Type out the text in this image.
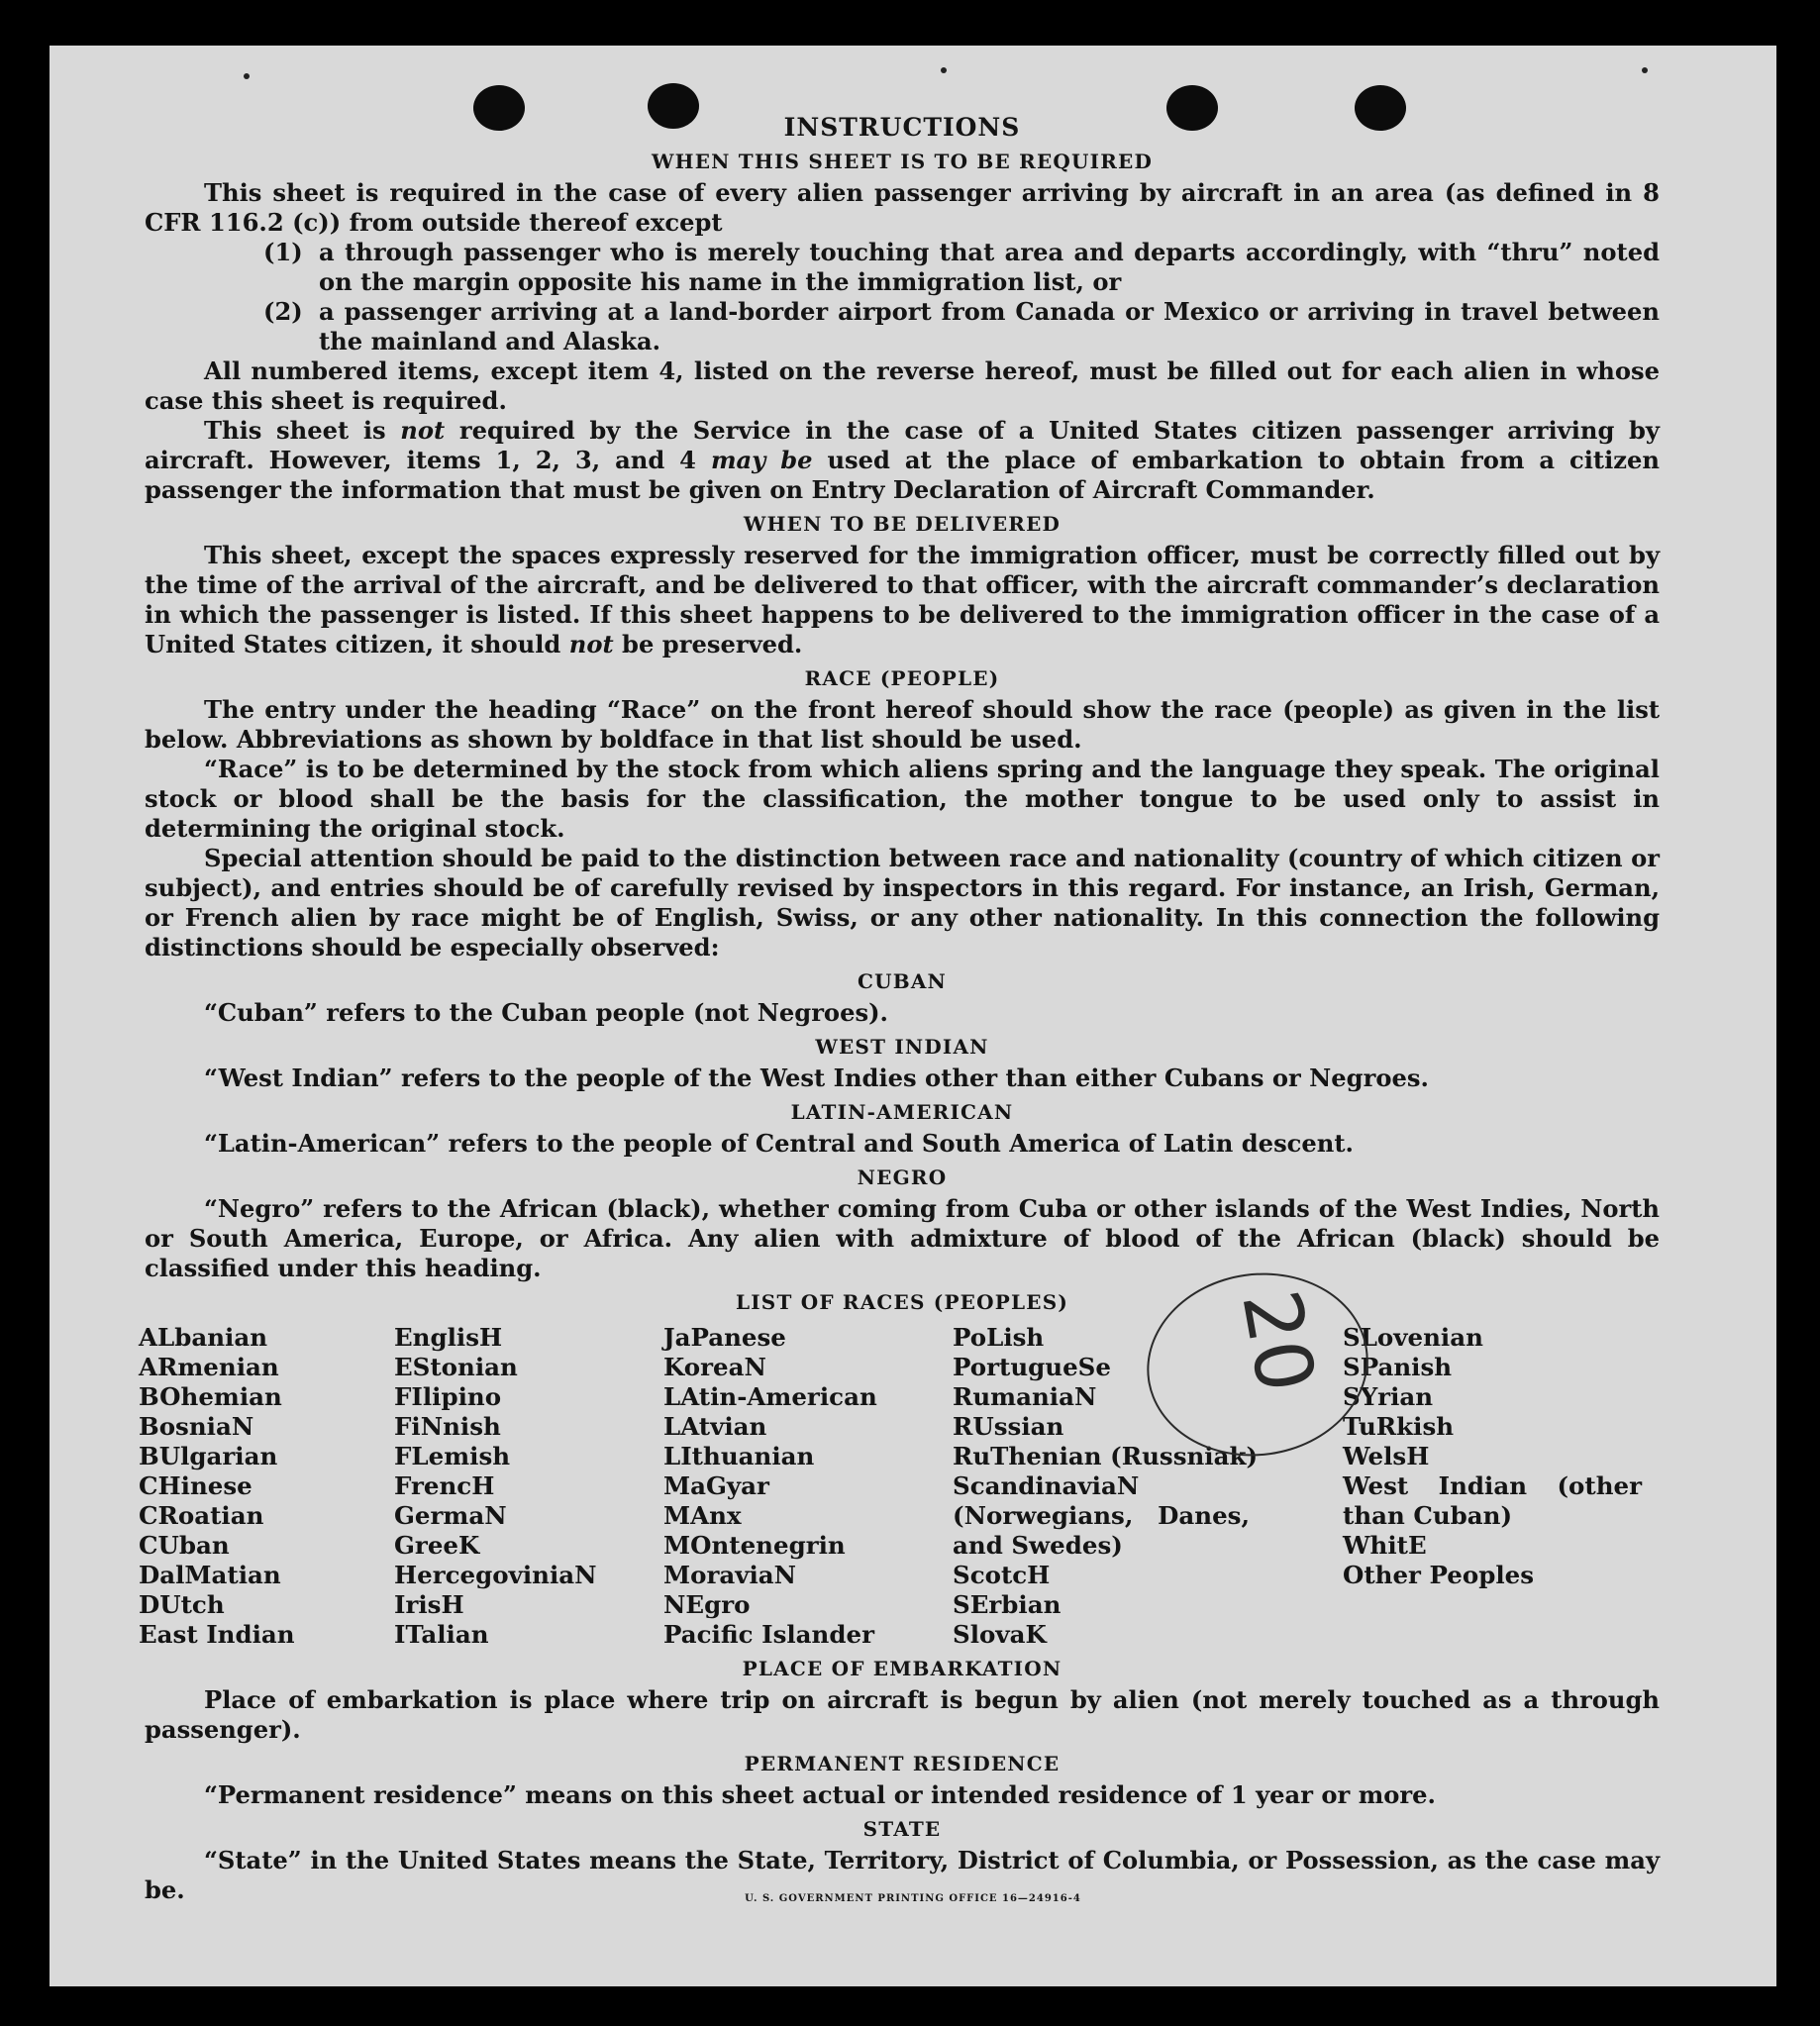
INSTRUCTIONS
WHEN THIS SHEET IS TO BE REQUIRED

This sheet is required in the case of every alien passenger arriving by aircraft in an area (as defined in 8 CFR 116.2 (c)) from outside thereof except

(1) a through passenger who is merely touching that area and departs accordingly, with “thru” noted on the margin opposite his name in the immigration list, or
(2) a passenger arriving at a land-border airport from Canada or Mexico or arriving in travel between the mainland and Alaska.

All numbered items, except item 4, listed on the reverse hereof, must be filled out for each alien in whose case this sheet is required.

This sheet is not required by the Service in the case of a United States citizen passenger arriving by aircraft. However, items 1, 2, 3, and 4 may be used at the place of embarkation to obtain from a citizen passenger the information that must be given on Entry Declaration of Aircraft Commander.

WHEN TO BE DELIVERED

This sheet, except the spaces expressly reserved for the immigration officer, must be correctly filled out by the time of the arrival of the aircraft, and be delivered to that officer, with the aircraft commander’s declaration in which the passenger is listed. If this sheet happens to be delivered to the immigration officer in the case of a United States citizen, it should not be preserved.

RACE (PEOPLE)

The entry under the heading “Race” on the front hereof should show the race (people) as given in the list below. Abbreviations as shown by boldface in that list should be used.

“Race” is to be determined by the stock from which aliens spring and the language they speak. The original stock or blood shall be the basis for the classification, the mother tongue to be used only to assist in determining the original stock.

Special attention should be paid to the distinction between race and nationality (country of which citizen or subject), and entries should be of carefully revised by inspectors in this regard. For instance, an Irish, German, or French alien by race might be of English, Swiss, or any other nationality. In this connection the following distinctions should be especially observed:

CUBAN

“Cuban” refers to the Cuban people (not Negroes).

WEST INDIAN

“West Indian” refers to the people of the West Indies other than either Cubans or Negroes.

LATIN-AMERICAN

“Latin-American” refers to the people of Central and South America of Latin descent.

NEGRO

“Negro” refers to the African (black), whether coming from Cuba or other islands of the West Indies, North or South America, Europe, or Africa. Any alien with admixture of blood of the African (black) should be classified under this heading.

LIST OF RACES (PEOPLES)
ALbanian
ARmenian
BOhemian
BosniaN
BUlgarian
CHinese
CRoatian
CUban
DalMatian
DUtch
East Indian
EnglisH
EStonian
FIlipino
FiNnish
FLemish
FrencH
GermaN
GreeK
HercegoviniaN
IrisH
ITalian
JaPanese
KoreaN
LAtin-American
LAtvian
LIthuanian
MaGyar
MAnx
MOntenegrin
MoraviaN
NEgro
Pacific Islander
PoLish
PortugueSe
RumaniaN
RUssian
RuThenian (Russniak)
ScandinaviaN (Norwegians, Danes, and Swedes)
ScotcH
SErbian
SlovaK
SLovenian
SPanish
SYrian
TuRkish
WelsH
West Indian (other than Cuban)
WhitE
Other Peoples
PLACE OF EMBARKATION

Place of embarkation is place where trip on aircraft is begun by alien (not merely touched as a through passenger).

PERMANENT RESIDENCE

“Permanent residence” means on this sheet actual or intended residence of 1 year or more.

STATE

“State” in the United States means the State, Territory, District of Columbia, or Possession, as the case may be.

20
U. S. GOVERNMENT PRINTING OFFICE 16—24916-4
